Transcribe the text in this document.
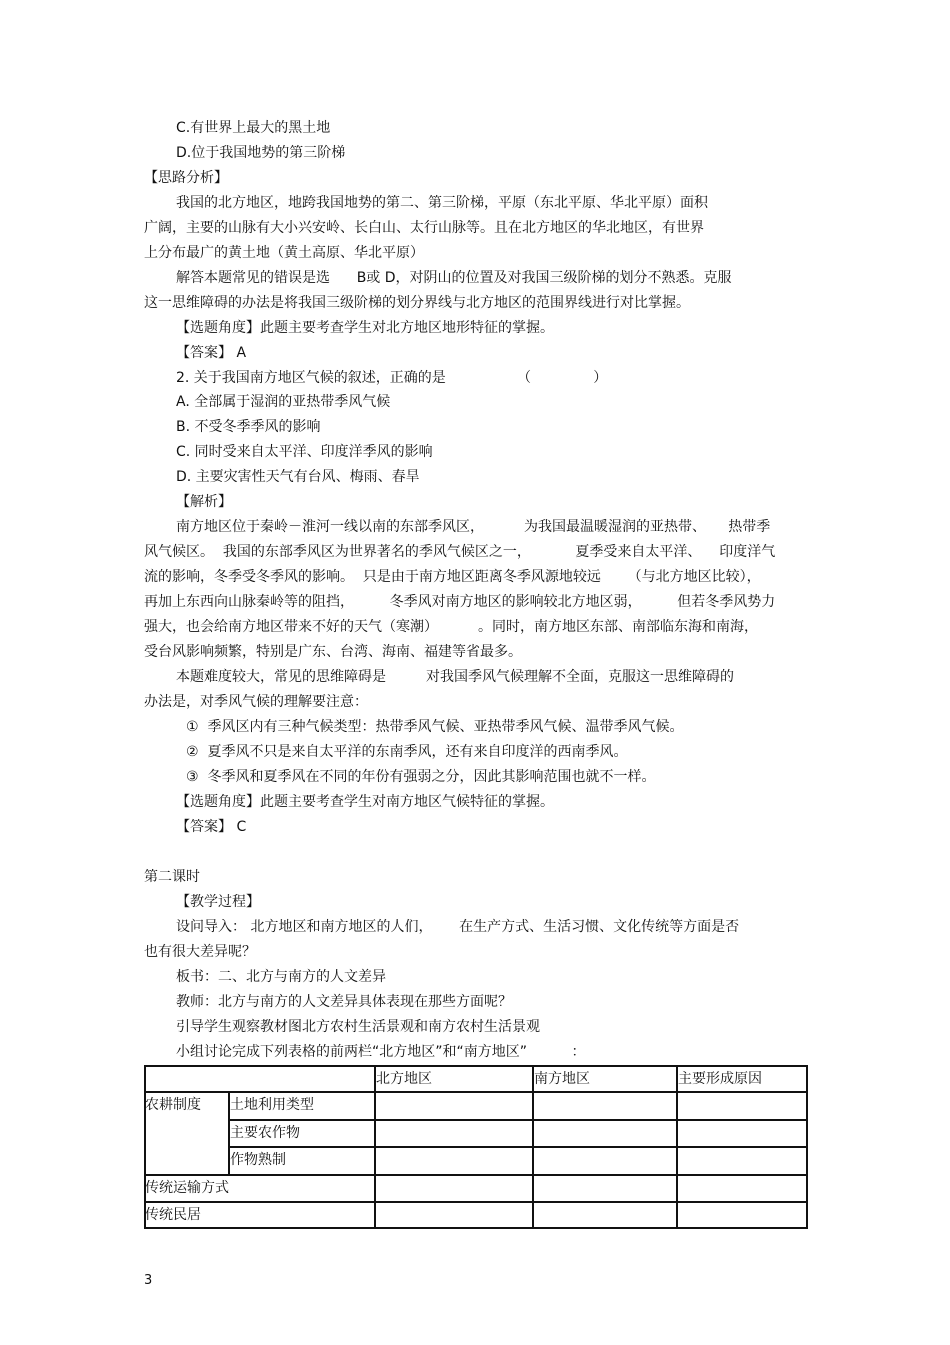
C.有世界上最大的黑土地
D.位于我国地势的第三阶梯
【思路分析】
我国的北方地区，地跨我国地势的第二、第三阶梯，平原（东北平原、华北平原）面积
广阔，主要的山脉有大小兴安岭、长白山、太行山脉等。且在北方地区的华北地区，有世界
上分布最广的黄土地（黄土高原、华北平原）
解答本题常见的错误是选      B或 D，对阴山的位置及对我国三级阶梯的划分不熟悉。克服
这一思维障碍的办法是将我国三级阶梯的划分界线与北方地区的范围界线进行对比掌握。
【选题角度】此题主要考查学生对北方地区地形特征的掌握。
【答案】 A
2. 关于我国南方地区气候的叙述，正确的是                （              ）
A. 全部属于湿润的亚热带季风气候
B. 不受冬季季风的影响
C. 同时受来自太平洋、印度洋季风的影响
D. 主要灾害性天气有台风、梅雨、春旱
【解析】
南方地区位于秦岭－淮河一线以南的东部季风区，         为我国最温暖湿润的亚热带、     热带季
风气候区。  我国的东部季风区为世界著名的季风气候区之一，          夏季受来自太平洋、    印度洋气
流的影响，冬季受冬季风的影响。  只是由于南方地区距离冬季风源地较远      （与北方地区比较），
再加上东西向山脉秦岭等的阻挡，        冬季风对南方地区的影响较北方地区弱，        但若冬季风势力
强大，也会给南方地区带来不好的天气（寒潮）         。同时，南方地区东部、南部临东海和南海，
受台风影响频繁，特别是广东、台湾、海南、福建等省最多。
本题难度较大，常见的思维障碍是         对我国季风气候理解不全面，克服这一思维障碍的
办法是，对季风气候的理解要注意：
①  季风区内有三种气候类型：热带季风气候、亚热带季风气候、温带季风气候。
②  夏季风不只是来自太平洋的东南季风，还有来自印度洋的西南季风。
③  冬季风和夏季风在不同的年份有强弱之分，因此其影响范围也就不一样。
【选题角度】此题主要考查学生对南方地区气候特征的掌握。
【答案】 C
第二课时
【教学过程】
设问导入： 北方地区和南方地区的人们，      在生产方式、生活习惯、文化传统等方面是否
也有很大差异呢？
板书：二、北方与南方的人文差异
教师：北方与南方的人文差异具体表现在那些方面呢？
引导学生观察教材图北方农村生活景观和南方农村生活景观
小组讨论完成下列表格的前两栏“北方地区”和“南方地区”          ：
北方地区	南方地区	主要形成原因
农耕制度 土地利用类型
主要农作物
作物熟制
传统运输方式
传统民居
3
